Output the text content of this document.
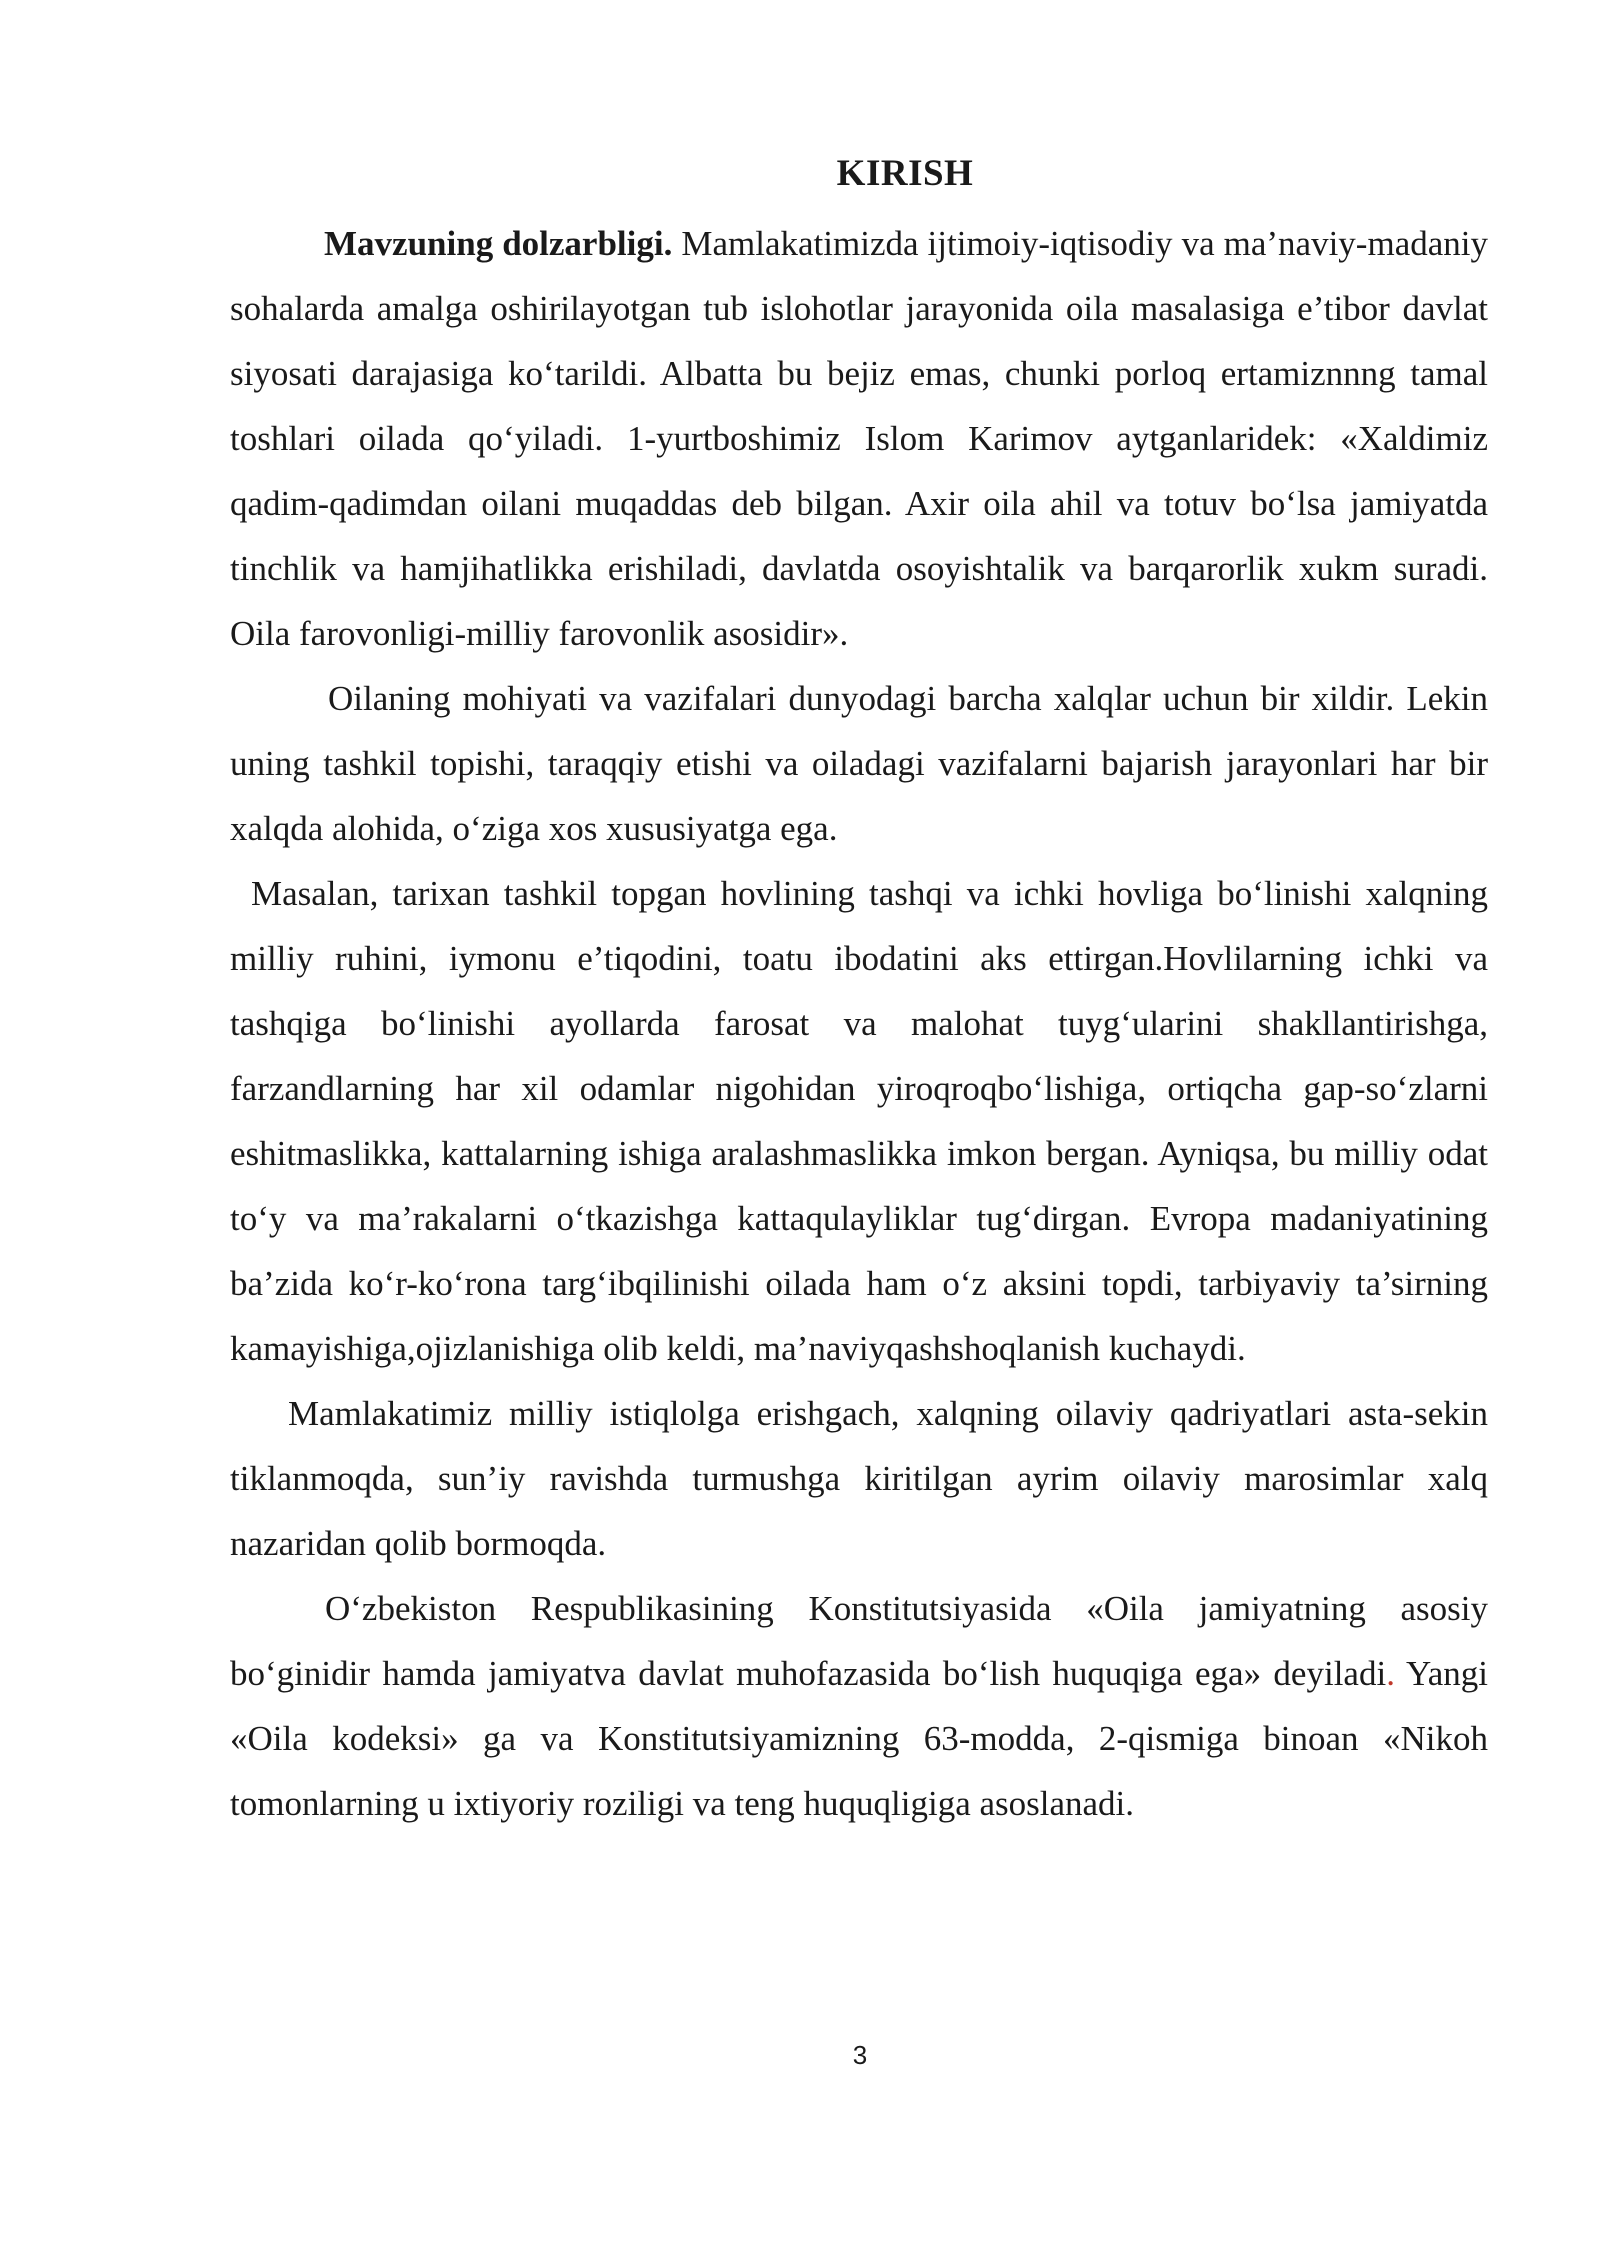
KIRISH

Mavzuning dolzarbligi. Mamlakatimizda ijtimoiy-iqtisodiy va ma’naviy-madaniy sohalarda amalga oshirilayotgan tub islohotlar jarayonida oila masalasiga e’tibor davlat siyosati darajasiga ko‘tarildi. Albatta bu bejiz emas, chunki porloq ertamiznnng tamal toshlari oilada qo‘yiladi. 1-yurtboshimiz Islom Karimov aytganlaridek: «Xaldimiz qadim-qadimdan oilani muqaddas deb bilgan. Axir oila ahil va totuv bo‘lsa jamiyatda tinchlik va hamjihatlikka erishiladi, davlatda osoyishtalik va barqarorlik xukm suradi. Oila farovonligi-milliy farovonlik asosidir».

Oilaning mohiyati va vazifalari dunyodagi barcha xalqlar uchun bir xildir. Lekin uning tashkil topishi, taraqqiy etishi va oiladagi vazifalarni bajarish jarayonlari har bir xalqda alohida, o‘ziga xos xususiyatga ega.

Masalan, tarixan tashkil topgan hovlining tashqi va ichki hovliga bo‘linishi xalqning milliy ruhini, iymonu e’tiqodini, toatu ibodatini aks ettirgan.Hovlilarning ichki va tashqiga bo‘linishi ayollarda farosat va malohat tuyg‘ularini shakllantirishga, farzandlarning har xil odamlar nigohidan yiroqroqbo‘lishiga, ortiqcha gap-so‘zlarni eshitmaslikka, kattalarning ishiga aralashmaslikka imkon bergan. Ayniqsa, bu milliy odat to‘y va ma’rakalarni o‘tkazishga kattaqulayliklar tug‘dirgan. Evropa madaniyatining ba’zida ko‘r-ko‘rona targ‘ibqilinishi oilada ham o‘z aksini topdi, tarbiyaviy ta’sirning kamayishiga,ojizlanishiga olib keldi, ma’naviyqashshoqlanish kuchaydi.

Mamlakatimiz milliy istiqlolga erishgach, xalqning oilaviy qadriyatlari asta-sekin tiklanmoqda, sun’iy ravishda turmushga kiritilgan ayrim oilaviy marosimlar xalq nazaridan qolib bormoqda.

O‘zbekiston Respublikasining Konstitutsiyasida «Oila jamiyatning asosiy bo‘ginidir hamda jamiyatva davlat muhofazasida bo‘lish huquqiga ega» deyiladi. Yangi «Oila kodeksi» ga va Konstitutsiyamizning 63-modda, 2-qismiga binoan «Nikoh tomonlarning u ixtiyoriy roziligi va teng huquqligiga asoslanadi.

3
